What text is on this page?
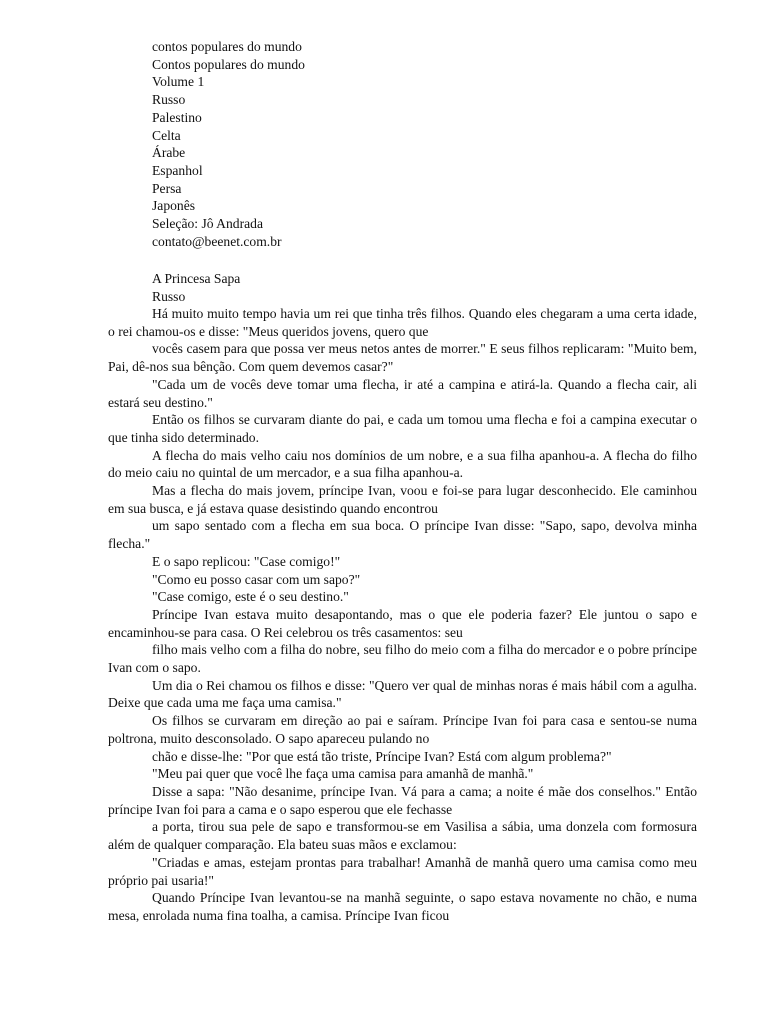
contos populares do mundo
Contos populares do mundo
Volume 1
Russo
Palestino
Celta
Árabe
Espanhol
Persa
Japonês
Seleção: Jô Andrada
contato@beenet.com.br
A Princesa Sapa
Russo

Há muito muito tempo havia um rei que tinha três filhos. Quando eles chegaram a uma certa idade, o rei chamou-os e disse: "Meus queridos jovens, quero que

vocês casem para que possa ver meus netos antes de morrer." E seus filhos replicaram: "Muito bem, Pai, dê-nos sua bênção. Com quem devemos casar?"

"Cada um de vocês deve tomar uma flecha, ir até a campina e atirá-la. Quando a flecha cair, ali estará seu destino."

Então os filhos se curvaram diante do pai, e cada um tomou uma flecha e foi a campina executar o que tinha sido determinado.

A flecha do mais velho caiu nos domínios de um nobre, e a sua filha apanhou-a. A flecha do filho do meio caiu no quintal de um mercador, e a sua filha apanhou-a.

Mas a flecha do mais jovem, príncipe Ivan, voou e foi-se para lugar desconhecido. Ele caminhou em sua busca, e já estava quase desistindo quando encontrou

um sapo sentado com a flecha em sua boca. O príncipe Ivan disse: "Sapo, sapo, devolva minha flecha."

E o sapo replicou: "Case comigo!"

"Como eu posso casar com um sapo?"

"Case comigo, este é o seu destino."

Príncipe Ivan estava muito desapontando, mas o que ele poderia fazer? Ele juntou o sapo e encaminhou-se para casa. O Rei celebrou os três casamentos: seu

filho mais velho com a filha do nobre, seu filho do meio com a filha do mercador e o pobre príncipe Ivan com o sapo.

Um dia o Rei chamou os filhos e disse: "Quero ver qual de minhas noras é mais hábil com a agulha. Deixe que cada uma me faça uma camisa."

Os filhos se curvaram em direção ao pai e saíram. Príncipe Ivan foi para casa e sentou-se numa poltrona, muito desconsolado. O sapo apareceu pulando no

chão e disse-lhe: "Por que está tão triste, Príncipe Ivan? Está com algum problema?"

"Meu pai quer que você lhe faça uma camisa para amanhã de manhã."

Disse a sapa: "Não desanime, príncipe Ivan. Vá para a cama; a noite é mãe dos conselhos." Então príncipe Ivan foi para a cama e o sapo esperou que ele fechasse

a porta, tirou sua pele de sapo e transformou-se em Vasilisa a sábia, uma donzela com formosura além de qualquer comparação. Ela bateu suas mãos e exclamou:

"Criadas e amas, estejam prontas para trabalhar! Amanhã de manhã quero uma camisa como meu próprio pai usaria!"

Quando Príncipe Ivan levantou-se na manhã seguinte, o sapo estava novamente no chão, e numa mesa, enrolada numa fina toalha, a camisa. Príncipe Ivan ficou
